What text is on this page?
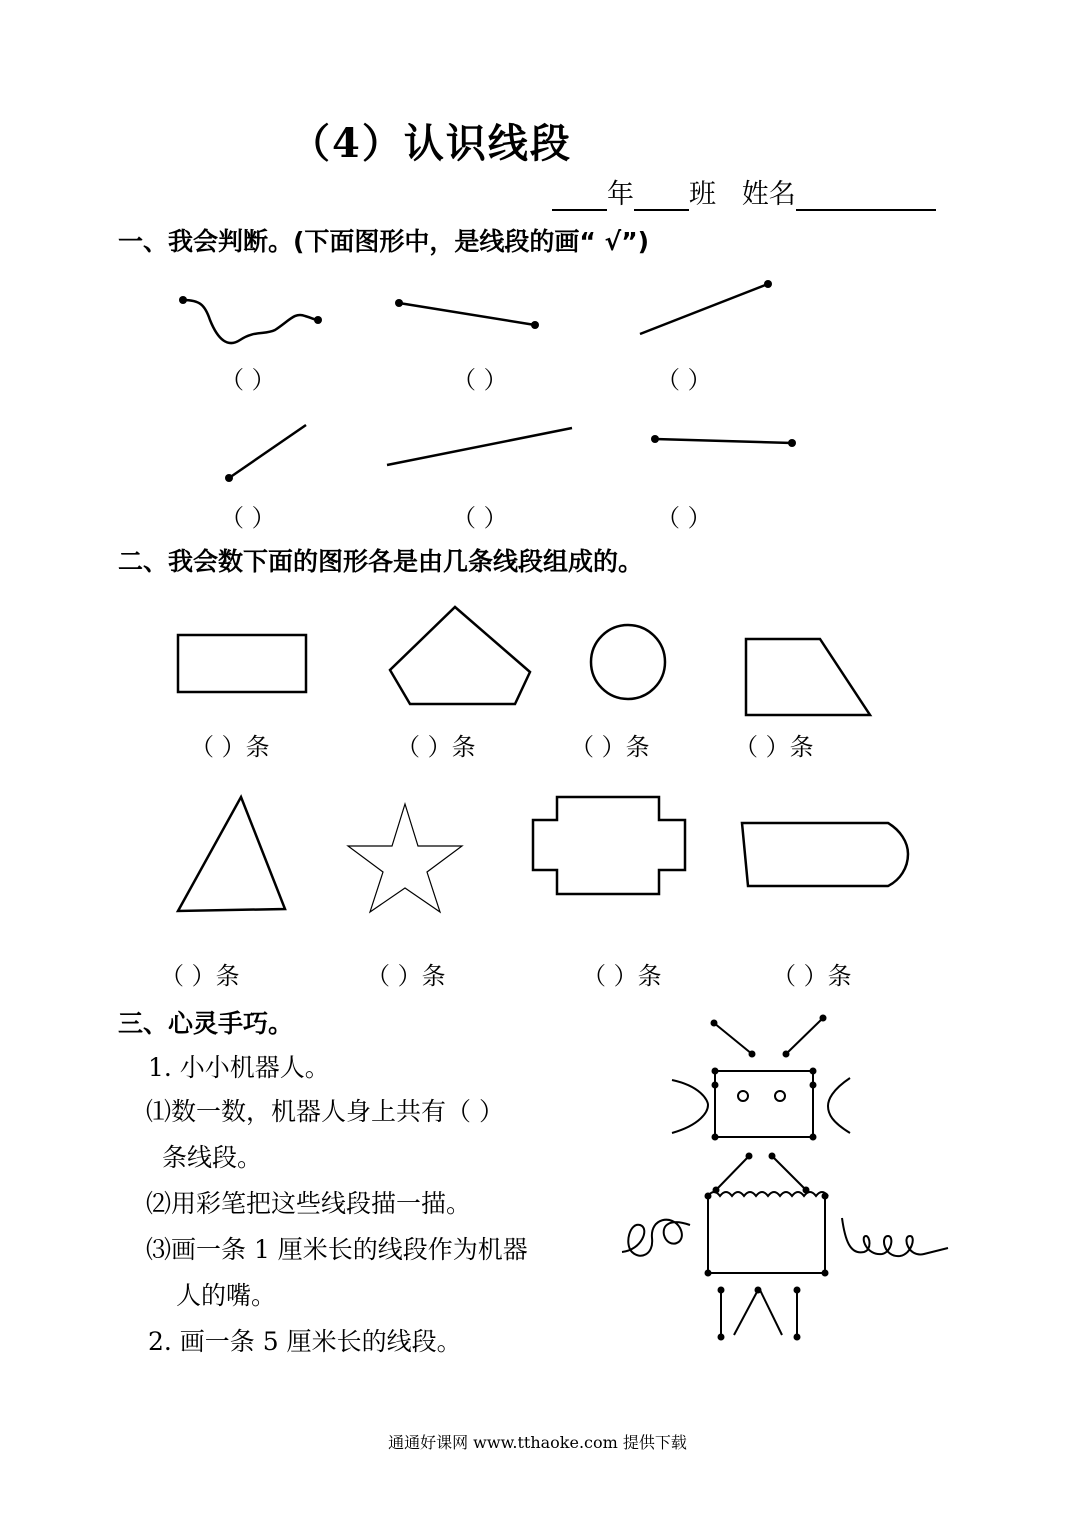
（4）认识线段
年 班 姓名
一、我会判断。(下面图形中，是线段的画“ √”)
（ ）	（ ）	（ ）
（ ）	（ ）	（ ）
二、我会数下面的图形各是由几条线段组成的。
（ ）条	（ ）条	（ ）条	（ ）条
（ ）条	（ ）条	（ ）条	（ ）条
三、心灵手巧。
1. 小小机器人。
⑴数一数，机器人身上共有（ ）
条线段。
⑵用彩笔把这些线段描一描。
⑶画一条 1 厘米长的线段作为机器
人的嘴。
2. 画一条 5 厘米长的线段。
通通好课网 www.tthaoke.com 提供下载
